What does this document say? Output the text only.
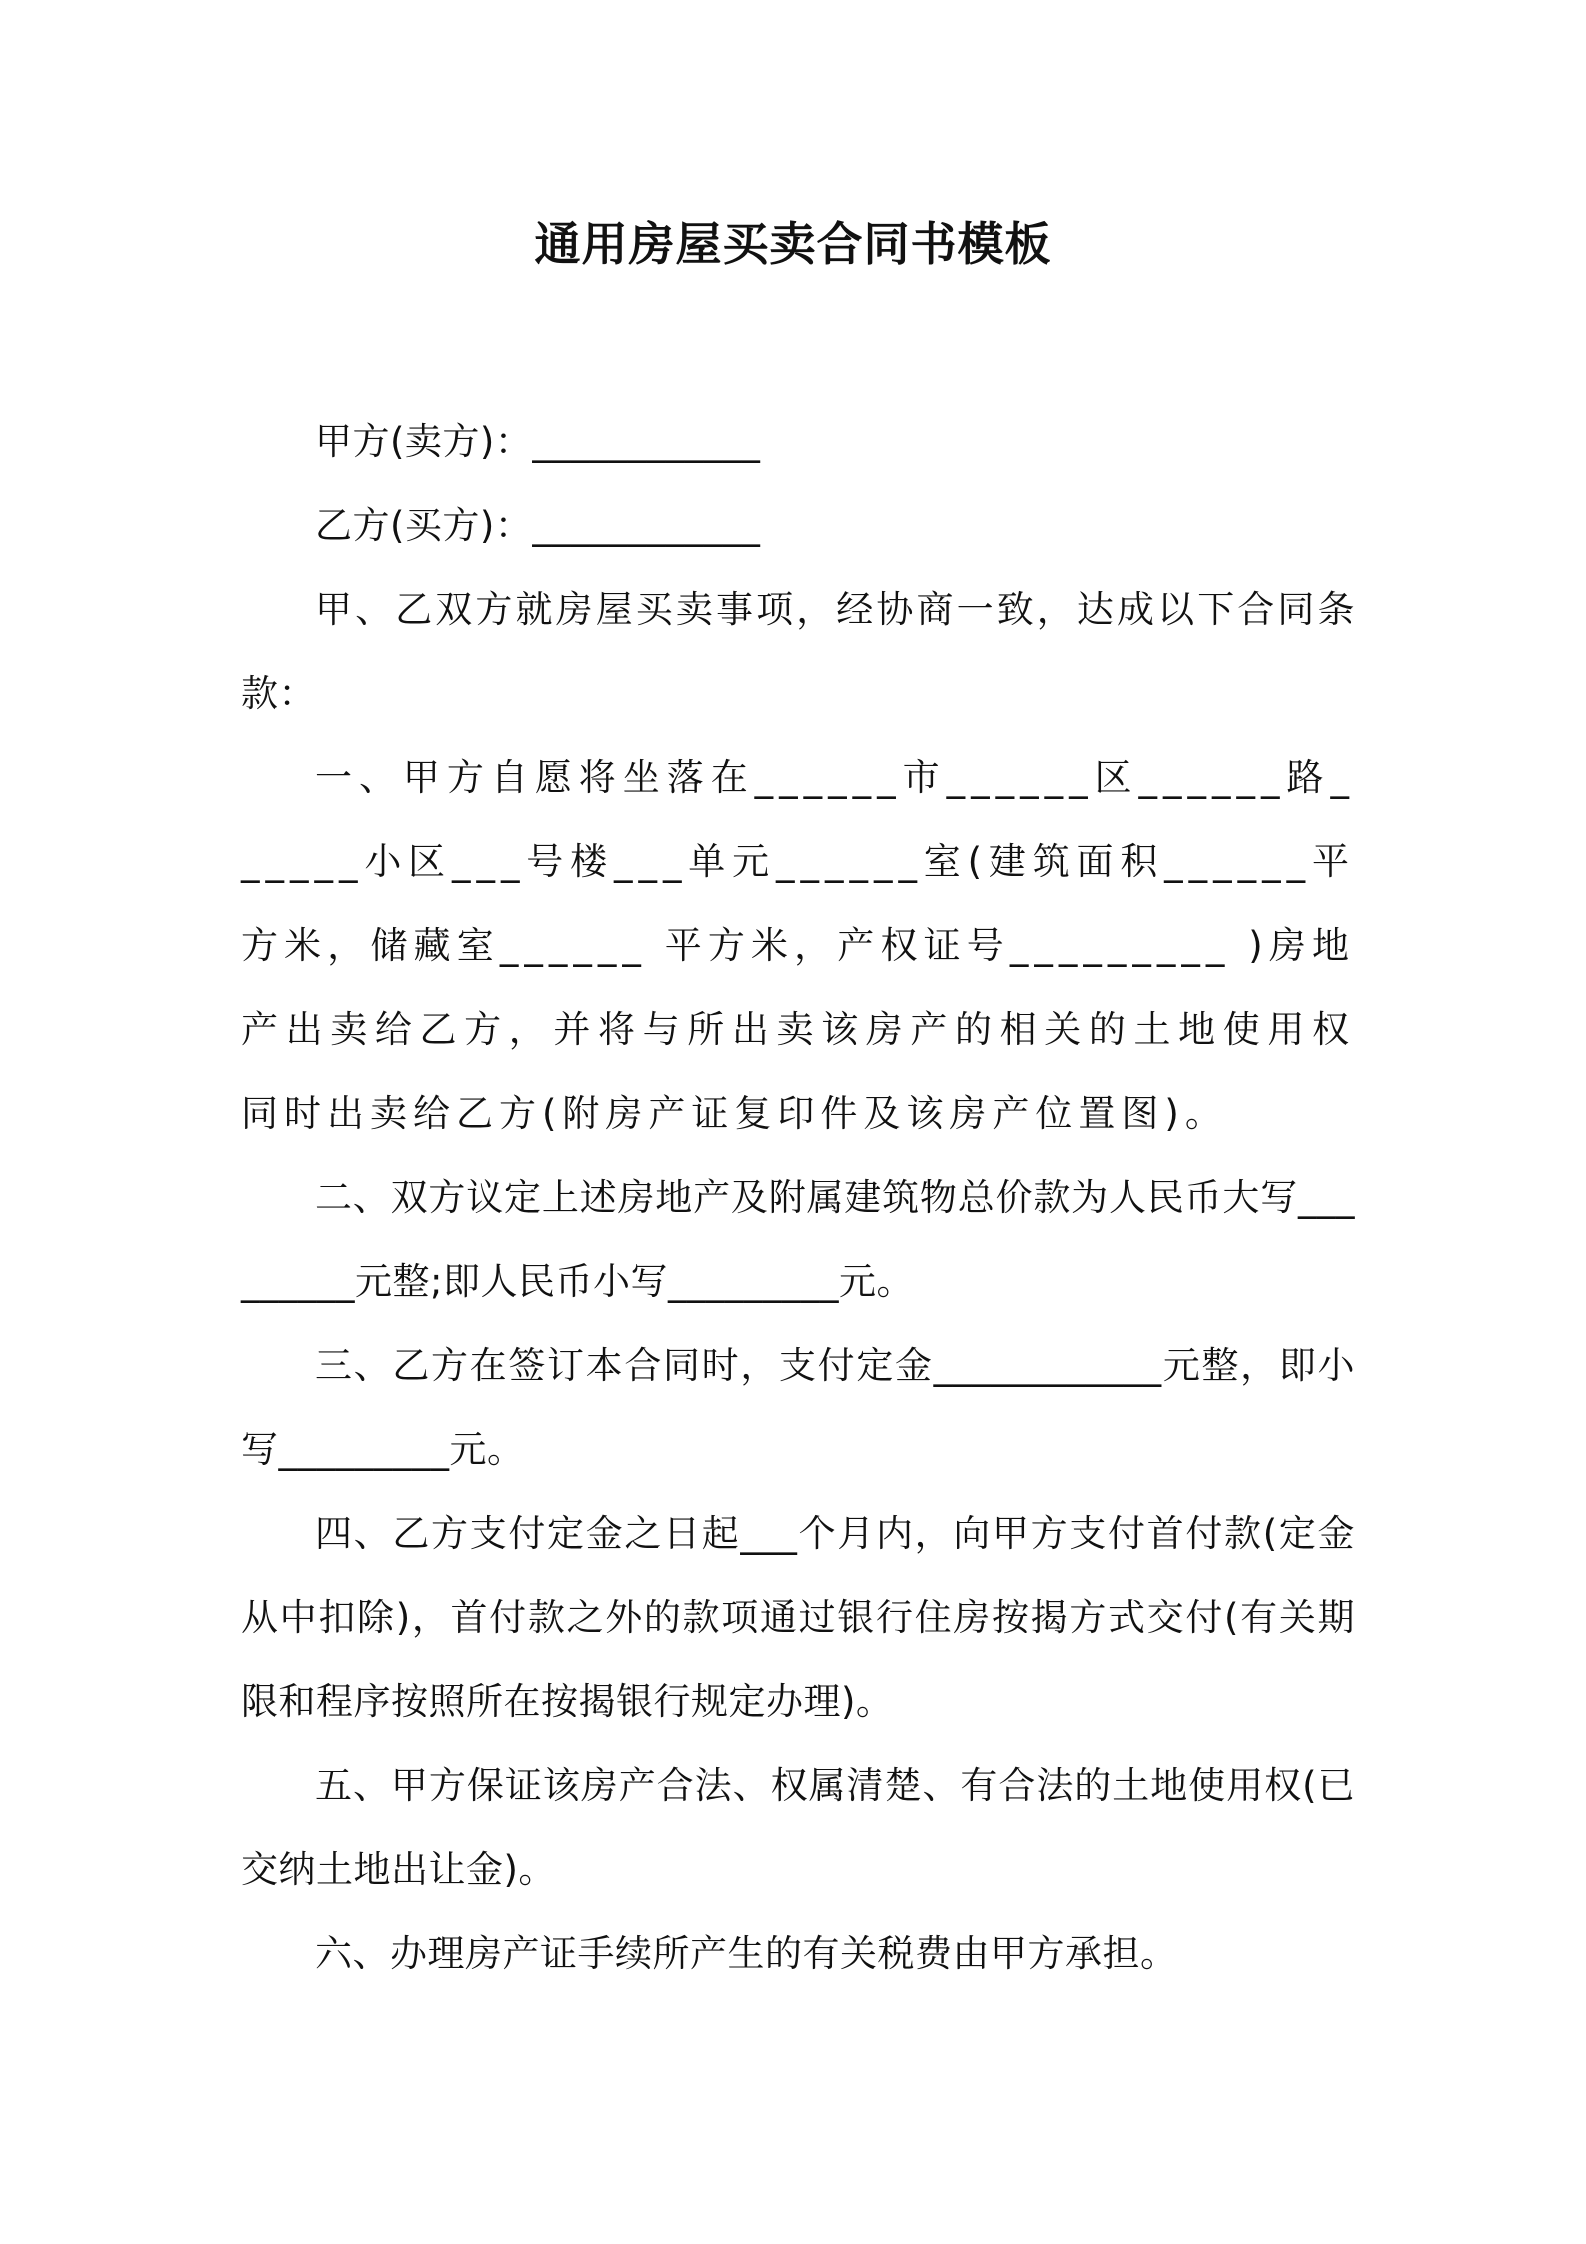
通用房屋买卖合同书模板

甲方(卖方)：____________

乙方(买方)：____________

甲、乙双方就房屋买卖事项，经协商一致，达成以下合同条款：

一、甲方自愿将坐落在______市______区______路______小区___号楼___单元______室(建筑面积______平方米，储藏室______ 平方米，产权证号_________ )房地产出卖给乙方，并将与所出卖该房产的相关的土地使用权同时出卖给乙方(附房产证复印件及该房产位置图)。

二、双方议定上述房地产及附属建筑物总价款为人民币大写_________元整;即人民币小写_________元。

三、乙方在签订本合同时，支付定金____________元整，即小写_________元。

四、乙方支付定金之日起___个月内，向甲方支付首付款(定金从中扣除)，首付款之外的款项通过银行住房按揭方式交付(有关期限和程序按照所在按揭银行规定办理)。

五、甲方保证该房产合法、权属清楚、有合法的土地使用权(已交纳土地出让金)。

六、办理房产证手续所产生的有关税费由甲方承担。
